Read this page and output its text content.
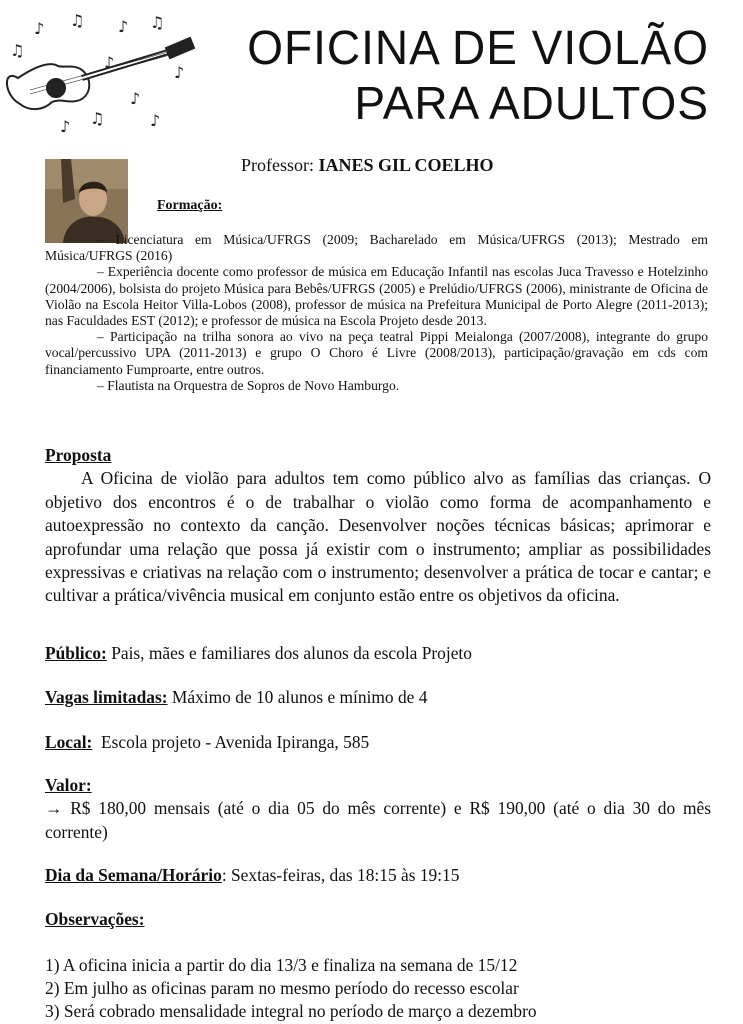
♪ ♫ ♪ ♫
♪
♫
♪
♫	♪
♪
♪	OFICINA DE VIOLÃO
PARA ADULTOS
Professor: IANES GIL COELHO
Formação:

– Licenciatura em Música/UFRGS (2009; Bacharelado em Música/UFRGS (2013); Mestrado em Música/UFRGS (2016)

– Experiência docente como professor de música em Educação Infantil nas escolas Juca Travesso e Hotelzinho (2004/2006), bolsista do projeto Música para Bebês/UFRGS (2005) e Prelúdio/UFRGS (2006), ministrante de Oficina de Violão na Escola Heitor Villa-Lobos (2008), professor de música na Prefeitura Municipal de Porto Alegre (2011-2013); nas Faculdades EST (2012); e professor de música na Escola Projeto desde 2013.

– Participação na trilha sonora ao vivo na peça teatral Pippi Meialonga (2007/2008), integrante do grupo vocal/percussivo UPA (2011-2013) e grupo O Choro é Livre (2008/2013), participação/gravação em cds com financiamento Fumproarte, entre outros.

– Flautista na Orquestra de Sopros de Novo Hamburgo.

Proposta
A Oficina de violão para adultos tem como público alvo as famílias das crianças. O objetivo dos encontros é o de trabalhar o violão como forma de acompanhamento e autoexpressão no contexto da canção. Desenvolver noções técnicas básicas; aprimorar e aprofundar uma relação que possa já existir com o instrumento; ampliar as possibilidades expressivas e criativas na relação com o instrumento; desenvolver a prática de tocar e cantar; e cultivar a prática/vivência musical em conjunto estão entre os objetivos da oficina.
Público: Pais, mães e familiares dos alunos da escola Projeto
Vagas limitadas: Máximo de 10 alunos e mínimo de 4
Local:  Escola projeto - Avenida Ipiranga, 585
Valor:
→ R$ 180,00 mensais (até o dia 05 do mês corrente) e R$ 190,00 (até o dia 30 do mês corrente)
Dia da Semana/Horário: Sextas-feiras, das 18:15 às 19:15
Observações:
1) A oficina inicia a partir do dia 13/3 e finaliza na semana de 15/12
2) Em julho as oficinas param no mesmo período do recesso escolar
3) Será cobrado mensalidade integral no período de março a dezembro
